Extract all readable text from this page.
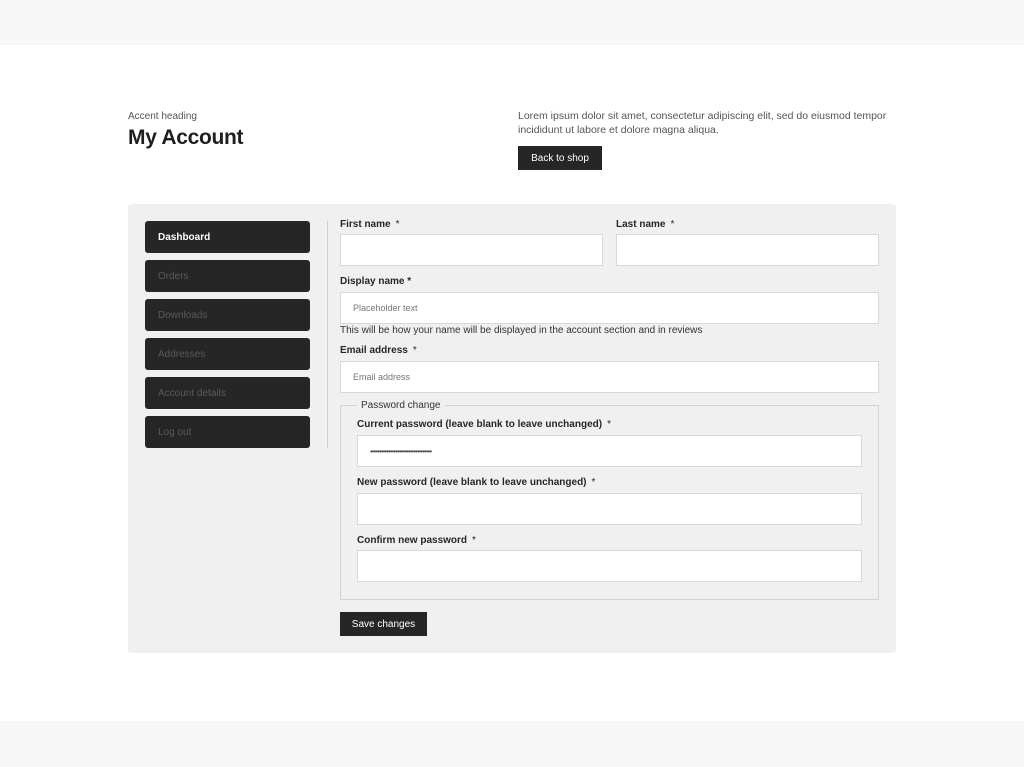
Accent heading
My Account

Lorem ipsum dolor sit amet, consectetur adipiscing elit, sed do eiusmod tempor incididunt ut labore et dolore magna aliqua.

Back to shop
Dashboard
Orders
Downloads
Addresses
Account details
Log out
First name *	Last name *
Display name *
Placeholder text
This will be how your name will be displayed in the account section and in reviews
Email address *
Email address
Password change
Current password (leave blank to leave unchanged) *
••••••••••••••••••••••••••••••••••
New password (leave blank to leave unchanged) *
Confirm new password *
Save changes
